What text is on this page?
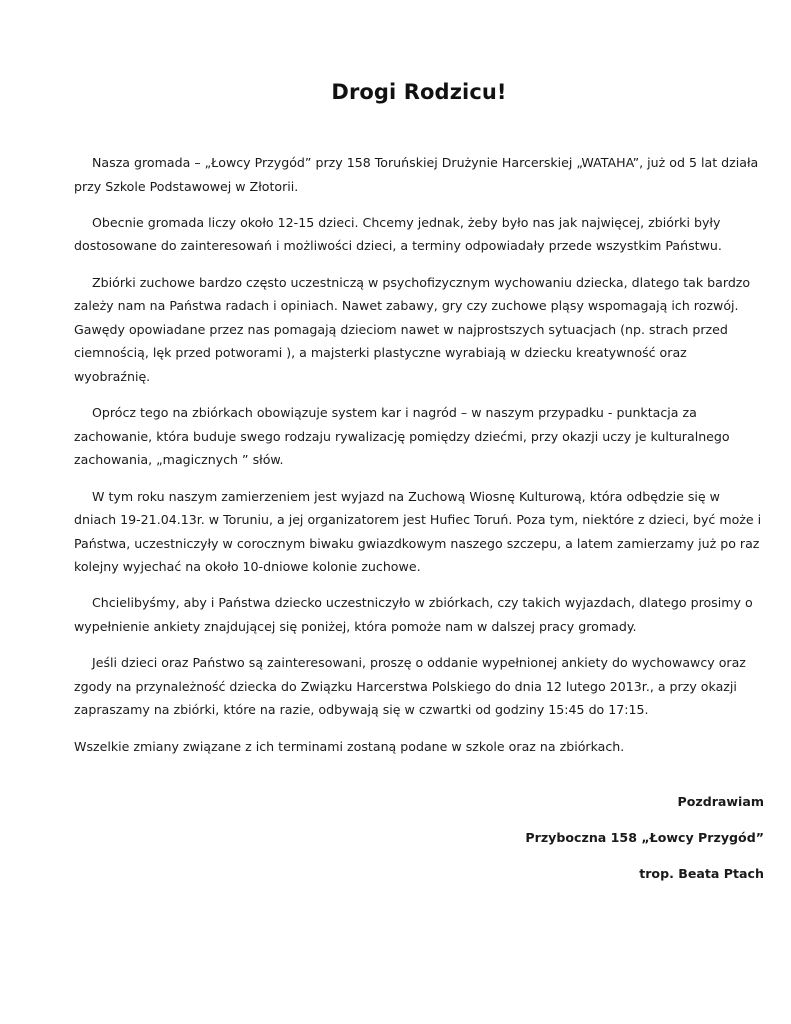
Drogi Rodzicu!

Nasza gromada – „Łowcy Przygód” przy 158 Toruńskiej Drużynie Harcerskiej „WATAHA”, już od 5 lat działa przy Szkole Podstawowej w Złotorii.

Obecnie gromada liczy około 12-15 dzieci. Chcemy jednak, żeby było nas jak najwięcej, zbiórki były dostosowane do zainteresowań i możliwości dzieci, a terminy odpowiadały przede wszystkim Państwu.

Zbiórki zuchowe bardzo często uczestniczą w psychofizycznym wychowaniu dziecka, dlatego tak bardzo zależy nam na Państwa radach i opiniach. Nawet zabawy, gry czy zuchowe pląsy wspomagają ich rozwój. Gawędy opowiadane przez nas pomagają dzieciom nawet w najprostszych sytuacjach (np. strach przed ciemnością, lęk przed potworami ), a majsterki plastyczne wyrabiają w dziecku kreatywność oraz wyobraźnię.

Oprócz tego na zbiórkach obowiązuje system kar i nagród – w naszym przypadku - punktacja za zachowanie, która buduje swego rodzaju rywalizację pomiędzy dziećmi, przy okazji uczy je kulturalnego zachowania, „magicznych ” słów.

W tym roku naszym zamierzeniem jest wyjazd na Zuchową Wiosnę Kulturową, która odbędzie się w dniach 19-21.04.13r. w Toruniu, a jej organizatorem jest Hufiec Toruń. Poza tym, niektóre z dzieci, być może i Państwa, uczestniczyły w corocznym biwaku gwiazdkowym naszego szczepu, a latem zamierzamy już po raz kolejny wyjechać na około 10-dniowe kolonie zuchowe.

Chcielibyśmy, aby i Państwa dziecko uczestniczyło w zbiórkach, czy takich wyjazdach, dlatego prosimy o wypełnienie ankiety znajdującej się poniżej, która pomoże nam w dalszej pracy gromady.

Jeśli dzieci oraz Państwo są zainteresowani, proszę o oddanie wypełnionej ankiety do wychowawcy oraz zgody na przynależność dziecka do Związku Harcerstwa Polskiego do dnia 12 lutego 2013r., a przy okazji zapraszamy na zbiórki, które na razie, odbywają się w czwartki od godziny 15:45 do 17:15.

Wszelkie zmiany związane z ich terminami zostaną podane w szkole oraz na zbiórkach.

Pozdrawiam
Przyboczna 158 „Łowcy Przygód”
trop. Beata Ptach
